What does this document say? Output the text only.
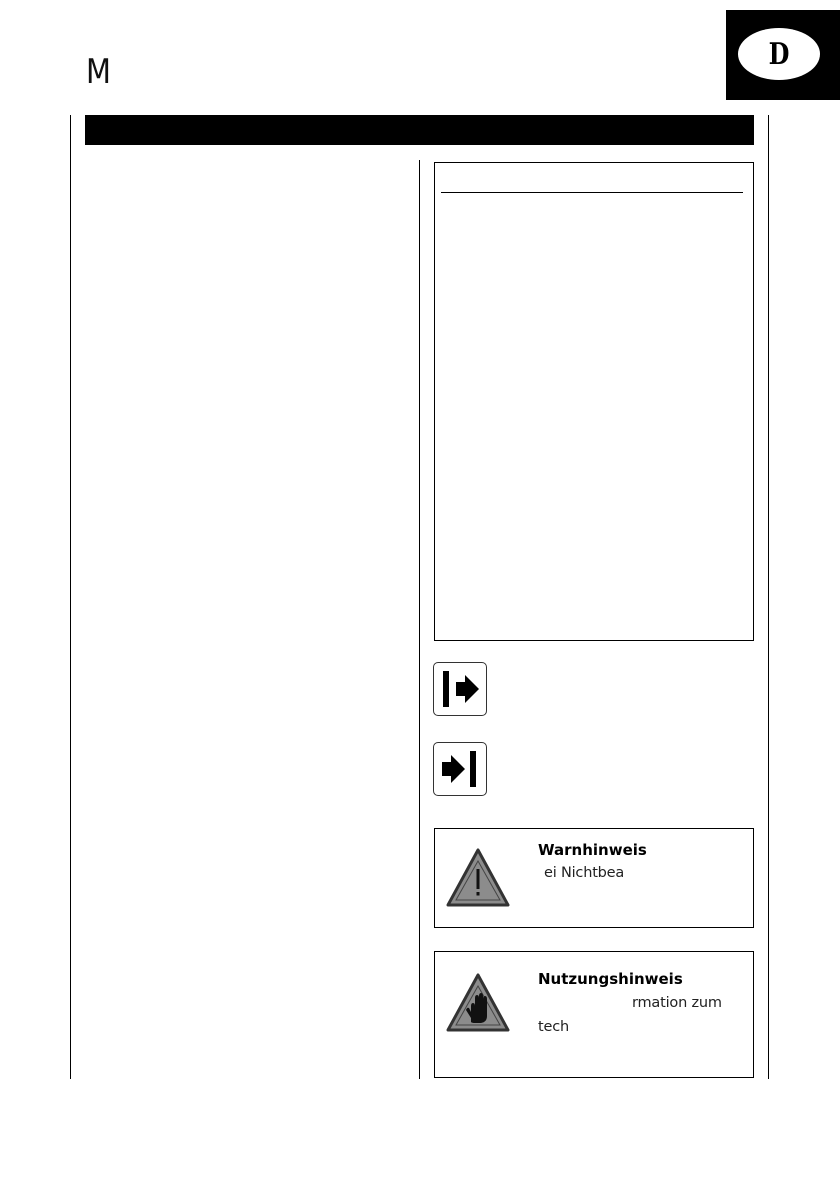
M	D
Warnhinweis
ei Nichtbea
Nutzungshinweis
rmation zum
tech
